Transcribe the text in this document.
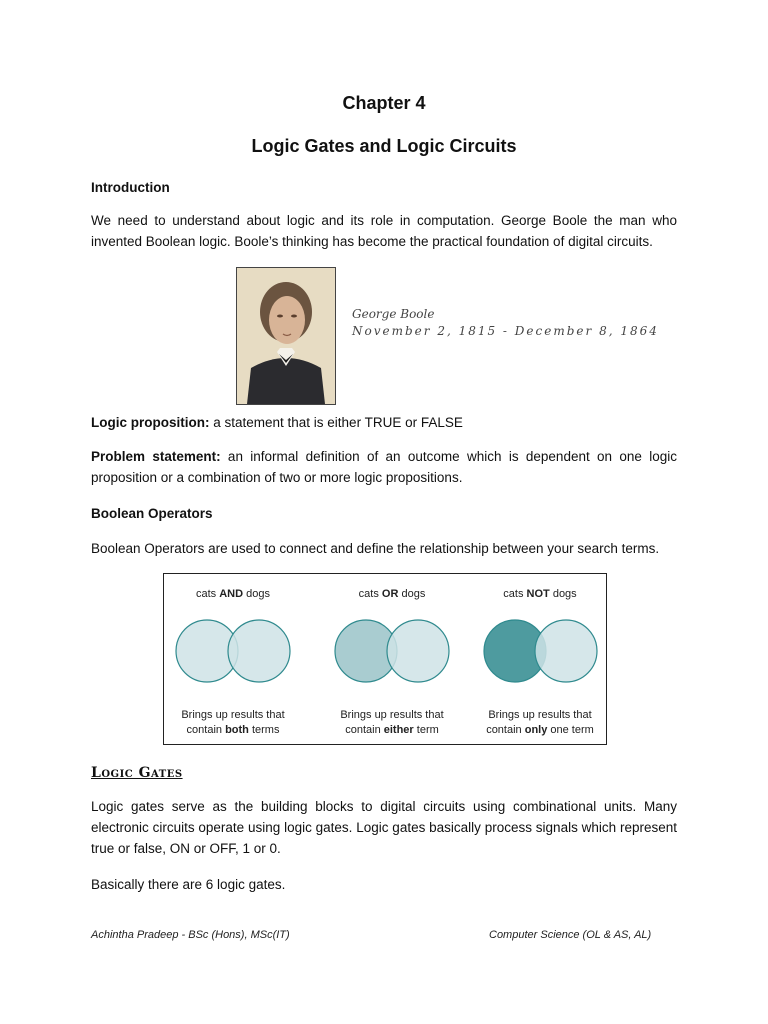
Chapter 4
Logic Gates and Logic Circuits
Introduction
We need to understand about logic and its role in computation. George Boole the man who invented Boolean logic. Boole’s thinking has become the practical foundation of digital circuits.
George Boole
November 2, 1815 - December 8, 1864
Logic proposition: a statement that is either TRUE or FALSE
Problem statement: an informal definition of an outcome which is dependent on one logic proposition or a combination of two or more logic propositions.
Boolean Operators
Boolean Operators are used to connect and define the relationship between your search terms.
cats AND dogs
Brings up results that
contain both terms
cats OR dogs
Brings up results that
contain either term
cats NOT dogs
Brings up results that
contain only one term
Logic Gates
Logic gates serve as the building blocks to digital circuits using combinational units. Many electronic circuits operate using logic gates. Logic gates basically process signals which represent true or false, ON or OFF, 1 or 0.
Basically there are 6 logic gates.
Achintha Pradeep - BSc (Hons), MSc(IT)	Computer Science (OL & AS, AL)
